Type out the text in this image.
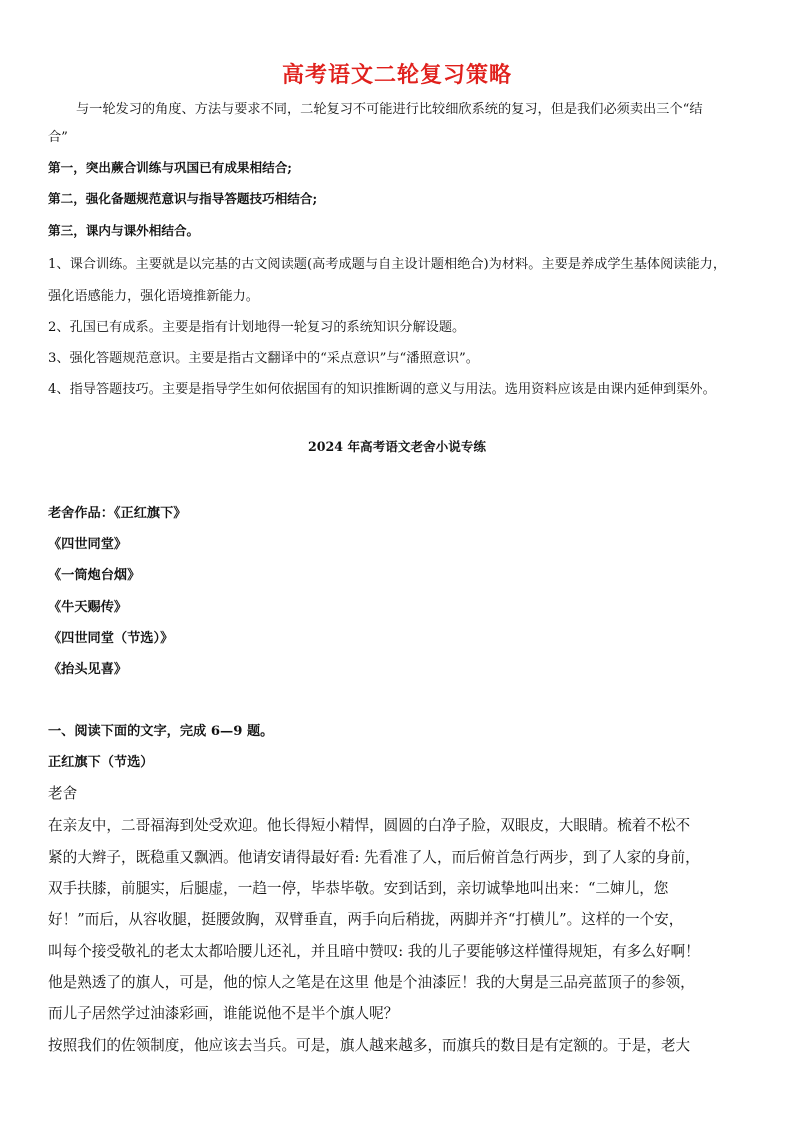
高考语文二轮复习策略
与一轮发习的角度、方法与要求不同，二轮复习不可能进行比较细欣系统的复习，但是我们必须卖出三个“结
合”
第一，突出蕨合训练与巩国已有成果相结合;
第二，强化备题规范意识与指导答题技巧相结合;
第三，课内与课外相结合。
1、课合训练。主要就是以完基的古文阅读题(高考成题与自主设计题相绝合)为材料。主要是养成学生基体阅读能力，
强化语感能力，强化语境推新能力。
2、孔国已有成系。主要是指有计划地得一轮复习的系统知识分解设题。
3、强化答题规范意识。主要是指古文翻译中的“采点意识”与“潘照意识”。
4、指导答题技巧。主要是指导学生如何依据国有的知识推断调的意义与用法。选用资料应该是由课内延伸到渠外。
2024 年高考语文老舍小说专练
老舍作品：《正红旗下》
《四世同堂》
《一筒炮台烟》
《牛天赐传》
《四世同堂（节选）》
《抬头见喜》
一、阅读下面的文字，完成 6—9 题。
正红旗下（节选）
老舍
在亲友中，二哥福海到处受欢迎。他长得短小精悍，圆圆的白净子脸，双眼皮，大眼睛。梳着不松不
紧的大辫子，既稳重又飘洒。他请安请得最好看: 先看准了人，而后俯首急行两步，到了人家的身前，
双手扶膝，前腿实，后腿虚，一趋一停，毕恭毕敬。安到话到，亲切诚挚地叫出来：“二婶儿，您
好！”而后，从容收腿，挺腰敛胸，双臂垂直，两手向后稍拢，两脚并齐“打横儿”。这样的一个安，
叫每个接受敬礼的老太太都哈腰儿还礼，并且暗中赞叹: 我的儿子要能够这样懂得规矩，有多么好啊！
他是熟透了的旗人，可是，他的惊人之笔是在这里 他是个油漆匠！我的大舅是三品亮蓝顶子的参领，
而儿子居然学过油漆彩画，谁能说他不是半个旗人呢？
按照我们的佐领制度，他应该去当兵。可是，旗人越来越多，而旗兵的数目是有定额的。于是，老大
